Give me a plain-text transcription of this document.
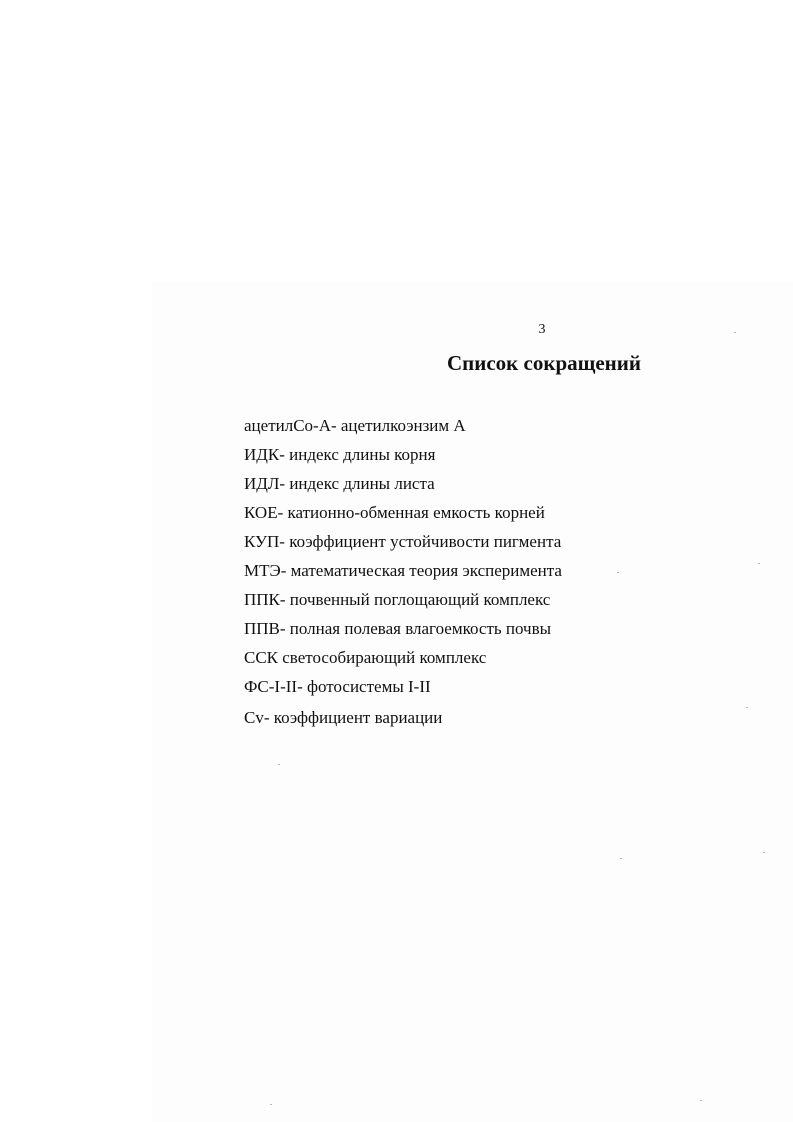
3
Список сокращений
ацетилСо-А- ацетилкоэнзим А
ИДК- индекс длины корня
ИДЛ- индекс длины листа
КОЕ- катионно-обменная емкость корней
КУП- коэффициент устойчивости пигмента
МТЭ- математическая теория эксперимента
ППК- почвенный поглощающий комплекс
ППВ- полная полевая влагоемкость почвы
ССК светособирающий комплекс
ФС-I-II- фотосистемы I-II
Cv- коэффициент вариации
